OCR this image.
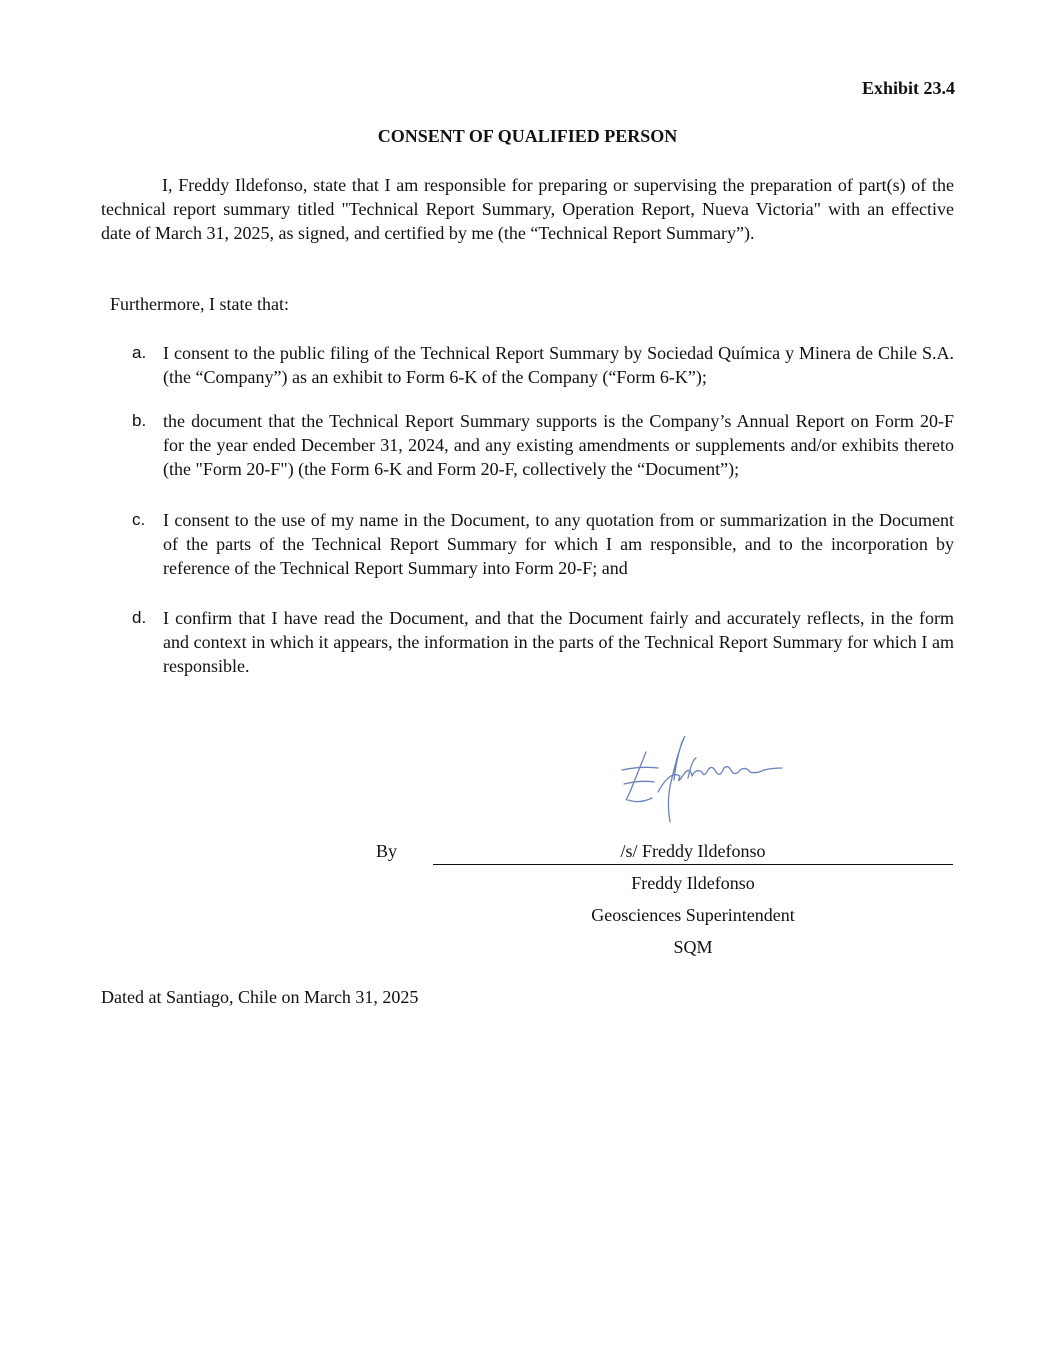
Exhibit 23.4
CONSENT OF QUALIFIED PERSON

I, Freddy Ildefonso, state that I am responsible for preparing or supervising the preparation of part(s) of the technical report summary titled "Technical Report Summary, Operation Report, Nueva Victoria" with an effective date of March 31, 2025, as signed, and certified by me (the “Technical Report Summary”).

Furthermore, I state that:
a. I consent to the public filing of the Technical Report Summary by Sociedad Química y Minera de Chile S.A. (the “Company”) as an exhibit to Form 6-K of the Company (“Form 6-K”);
b. the document that the Technical Report Summary supports is the Company’s Annual Report on Form 20-F for the year ended December 31, 2024, and any existing amendments or supplements and/or exhibits thereto (the "Form 20-F") (the Form 6-K and Form 20-F, collectively the “Document”);
c. I consent to the use of my name in the Document, to any quotation from or summarization in the Document of the parts of the Technical Report Summary for which I am responsible, and to the incorporation by reference of the Technical Report Summary into Form 20-F; and
d. I confirm that I have read the Document, and that the Document fairly and accurately reflects, in the form and context in which it appears, the information in the parts of the Technical Report Summary for which I am responsible.
By	/s/ Freddy Ildefonso
Freddy Ildefonso
Geosciences Superintendent
SQM
Dated at Santiago, Chile on March 31, 2025
